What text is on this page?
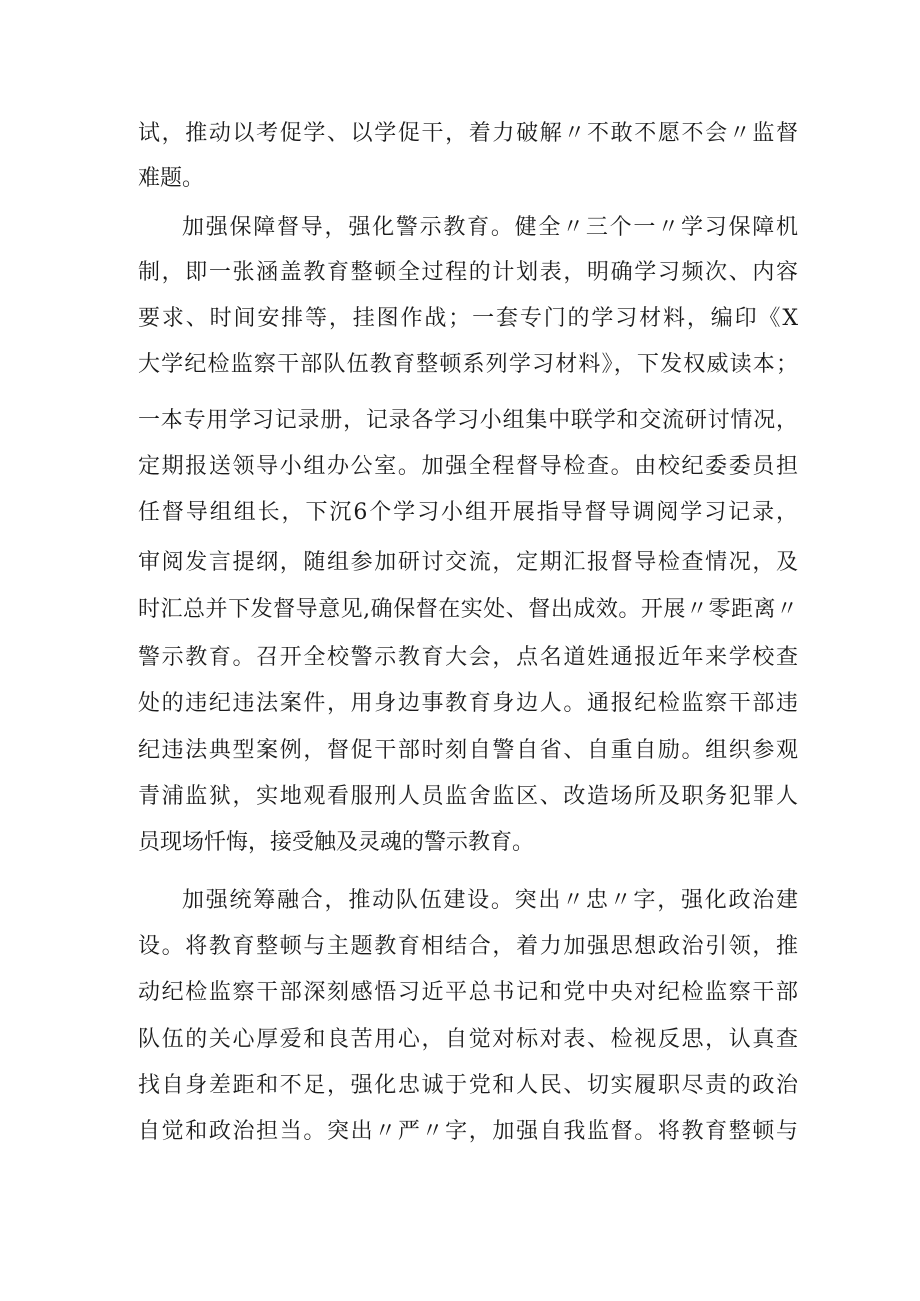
试，推动以考促学、以学促干，着力破解〃不敢不愿不会〃监督
难题。
加强保障督导，强化警示教育。健全〃三个一〃学习保障机
制，即一张涵盖教育整顿全过程的计划表，明确学习频次、内容
要求、时间安排等，挂图作战；一套专门的学习材料，编印《X
大学纪检监察干部队伍教育整顿系列学习材料》，下发权威读本；
一本专用学习记录册，记录各学习小组集中联学和交流研讨情况，
定期报送领导小组办公室。加强全程督导检查。由校纪委委员担
任督导组组长，下沉6个学习小组开展指导督导调阅学习记录，
审阅发言提纲，随组参加研讨交流，定期汇报督导检查情况，及
时汇总并下发督导意见,确保督在实处、督出成效。开展〃零距离〃
警示教育。召开全校警示教育大会，点名道姓通报近年来学校查
处的违纪违法案件，用身边事教育身边人。通报纪检监察干部违
纪违法典型案例，督促干部时刻自警自省、自重自励。组织参观
青浦监狱，实地观看服刑人员监舍监区、改造场所及职务犯罪人
员现场忏悔，接受触及灵魂的警示教育。
加强统筹融合，推动队伍建设。突出〃忠〃字，强化政治建
设。将教育整顿与主题教育相结合，着力加强思想政治引领，推
动纪检监察干部深刻感悟习近平总书记和党中央对纪检监察干部
队伍的关心厚爱和良苦用心，自觉对标对表、检视反思，认真查
找自身差距和不足，强化忠诚于党和人民、切实履职尽责的政治
自觉和政治担当。突出〃严〃字，加强自我监督。将教育整顿与
